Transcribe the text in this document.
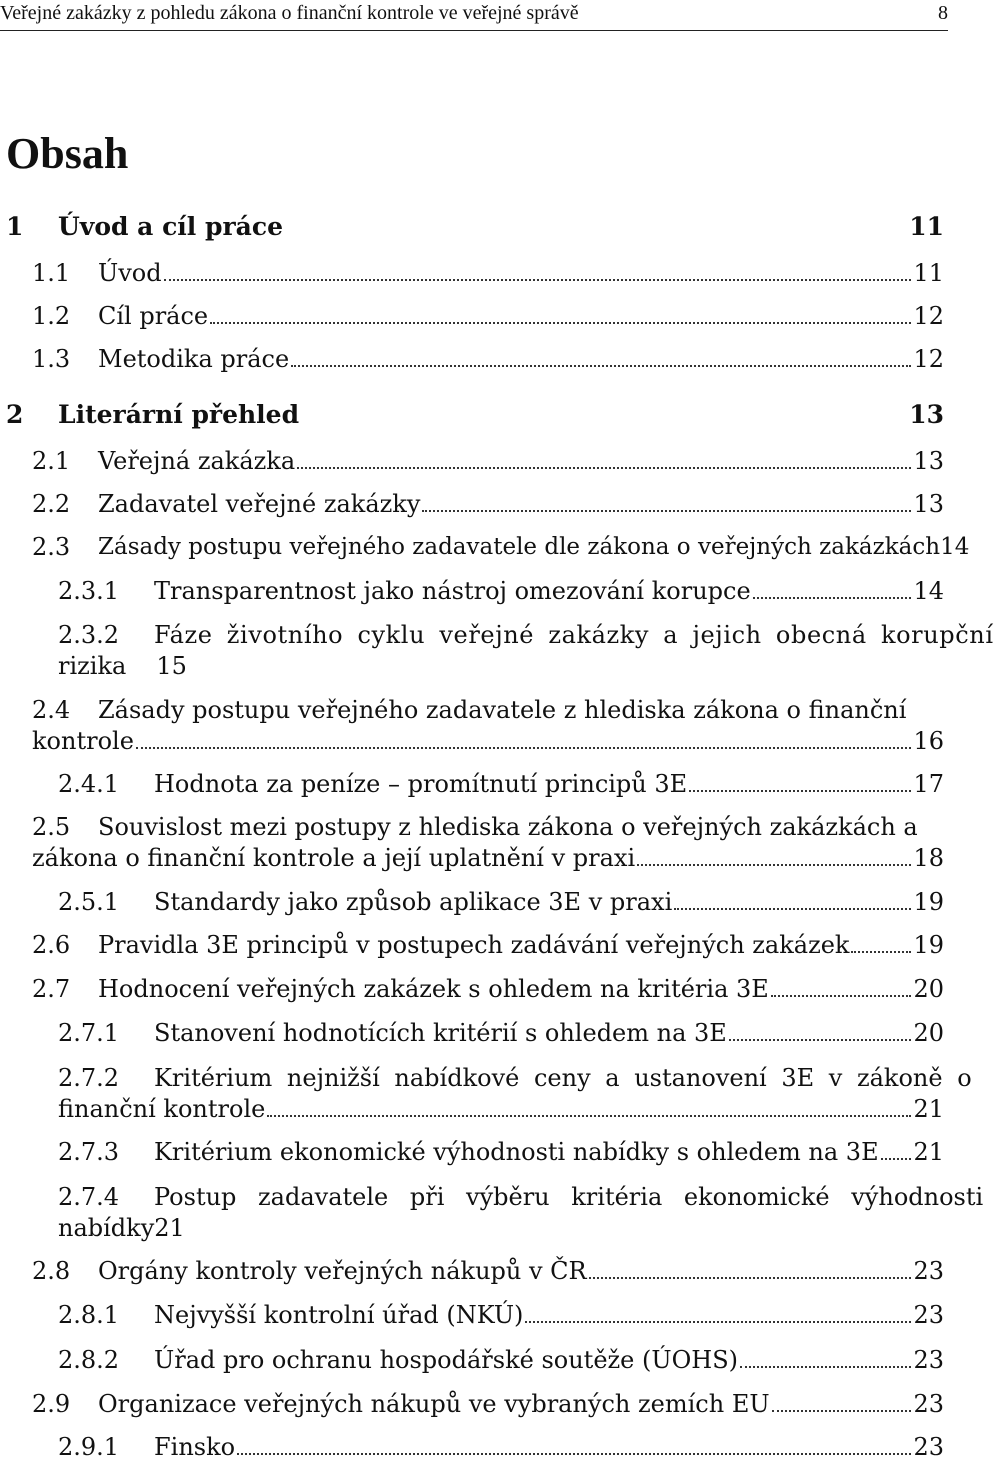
Veřejné zakázky z pohledu zákona o finanční kontrole ve veřejné správě	8
Obsah
1 Úvod a cíl práce	11
1.1 Úvod	11
1.2 Cíl práce	12
1.3 Metodika práce	12
2 Literární přehled	13
2.1 Veřejná zakázka	13
2.2 Zadavatel veřejné zakázky	13
2.3 Zásady postupu veřejného zadavatele dle zákona o veřejných zakázkách 14
2.3.1 Transparentnost jako nástroj omezování korupce	14
2.3.2 Fáze životního cyklu veřejné zakázky a jejich obecná korupční
rizika 15
2.4 Zásady postupu veřejného zadavatele z hlediska zákona o finanční
kontrole	16
2.4.1 Hodnota za peníze – promítnutí principů 3E	17
2.5 Souvislost mezi postupy z hlediska zákona o veřejných zakázkách a
zákona o finanční kontrole a její uplatnění v praxi	18
2.5.1 Standardy jako způsob aplikace 3E v praxi	19
2.6 Pravidla 3E principů v postupech zadávání veřejných zakázek	19
2.7 Hodnocení veřejných zakázek s ohledem na kritéria 3E	20
2.7.1 Stanovení hodnotících kritérií s ohledem na 3E	20
2.7.2 Kritérium nejnižší nabídkové ceny a ustanovení 3E v zákoně o
finanční kontrole	21
2.7.3 Kritérium ekonomické výhodnosti nabídky s ohledem na 3E 21
2.7.4 Postup zadavatele při výběru kritéria ekonomické výhodnosti
nabídky 21
2.8 Orgány kontroly veřejných nákupů v ČR	23
2.8.1 Nejvyšší kontrolní úřad (NKÚ)	23
2.8.2 Úřad pro ochranu hospodářské soutěže (ÚOHS)	23
2.9 Organizace veřejných nákupů ve vybraných zemích EU	23
2.9.1 Finsko	23
